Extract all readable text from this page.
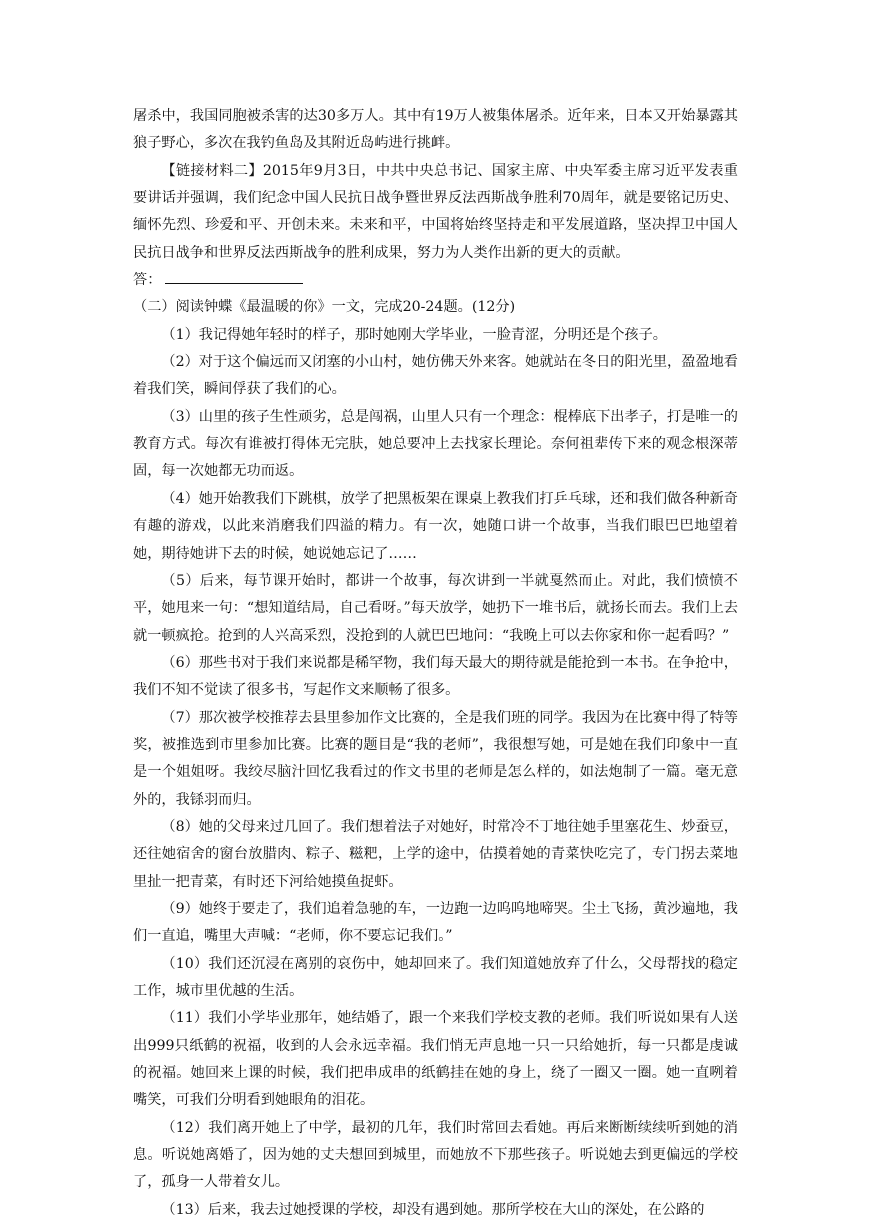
屠杀中，我国同胞被杀害的达30多万人。其中有19万人被集体屠杀。近年来，日本又开始暴露其狼子野心，多次在我钓鱼岛及其附近岛屿进行挑衅。

【链接材料二】2015年9月3日，中共中央总书记、国家主席、中央军委主席习近平发表重要讲话并强调，我们纪念中国人民抗日战争暨世界反法西斯战争胜利70周年，就是要铭记历史、缅怀先烈、珍爱和平、开创未来。未来和平，中国将始终坚持走和平发展道路，坚决捍卫中国人民抗日战争和世界反法西斯战争的胜利成果，努力为人类作出新的更大的贡献。

答：

（二）阅读钟蝶《最温暖的你》一文，完成20-24题。(12分)

（1）我记得她年轻时的样子，那时她刚大学毕业，一脸青涩，分明还是个孩子。

（2）对于这个偏远而又闭塞的小山村，她仿佛天外来客。她就站在冬日的阳光里，盈盈地看着我们笑，瞬间俘获了我们的心。

（3）山里的孩子生性顽劣，总是闯祸，山里人只有一个理念：棍棒底下出孝子，打是唯一的教育方式。每次有谁被打得体无完肤，她总要冲上去找家长理论。奈何祖辈传下来的观念根深蒂固，每一次她都无功而返。

（4）她开始教我们下跳棋，放学了把黑板架在课桌上教我们打乒乓球，还和我们做各种新奇有趣的游戏，以此来消磨我们四溢的精力。有一次，她随口讲一个故事，当我们眼巴巴地望着她，期待她讲下去的时候，她说她忘记了……

（5）后来，每节课开始时，都讲一个故事，每次讲到一半就戛然而止。对此，我们愤愤不平，她甩来一句：“想知道结局，自己看呀。”每天放学，她扔下一堆书后，就扬长而去。我们上去就一顿疯抢。抢到的人兴高采烈，没抢到的人就巴巴地问：“我晚上可以去你家和你一起看吗？”

（6）那些书对于我们来说都是稀罕物，我们每天最大的期待就是能抢到一本书。在争抢中，我们不知不觉读了很多书，写起作文来顺畅了很多。

（7）那次被学校推荐去县里参加作文比赛的，全是我们班的同学。我因为在比赛中得了特等奖，被推选到市里参加比赛。比赛的题目是“我的老师”，我很想写她，可是她在我们印象中一直是一个姐姐呀。我绞尽脑汁回忆我看过的作文书里的老师是怎么样的，如法炮制了一篇。毫无意外的，我铩羽而归。

（8）她的父母来过几回了。我们想着法子对她好，时常冷不丁地往她手里塞花生、炒蚕豆，还往她宿舍的窗台放腊肉、粽子、糍粑，上学的途中，估摸着她的青菜快吃完了，专门拐去菜地里扯一把青菜，有时还下河给她摸鱼捉虾。

（9）她终于要走了，我们追着急驰的车，一边跑一边呜呜地啼哭。尘土飞扬，黄沙遍地，我们一直追，嘴里大声喊：“老师，你不要忘记我们。”

（10）我们还沉浸在离别的哀伤中，她却回来了。我们知道她放弃了什么，父母帮找的稳定工作，城市里优越的生活。

（11）我们小学毕业那年，她结婚了，跟一个来我们学校支教的老师。我们听说如果有人送出999只纸鹤的祝福，收到的人会永远幸福。我们悄无声息地一只一只给她折，每一只都是虔诚的祝福。她回来上课的时候，我们把串成串的纸鹤挂在她的身上，绕了一圈又一圈。她一直咧着嘴笑，可我们分明看到她眼角的泪花。

（12）我们离开她上了中学，最初的几年，我们时常回去看她。再后来断断续续听到她的消息。听说她离婚了，因为她的丈夫想回到城里，而她放不下那些孩子。听说她去到更偏远的学校了，孤身一人带着女儿。

（13）后来，我去过她授课的学校，却没有遇到她。那所学校在大山的深处，在公路的
